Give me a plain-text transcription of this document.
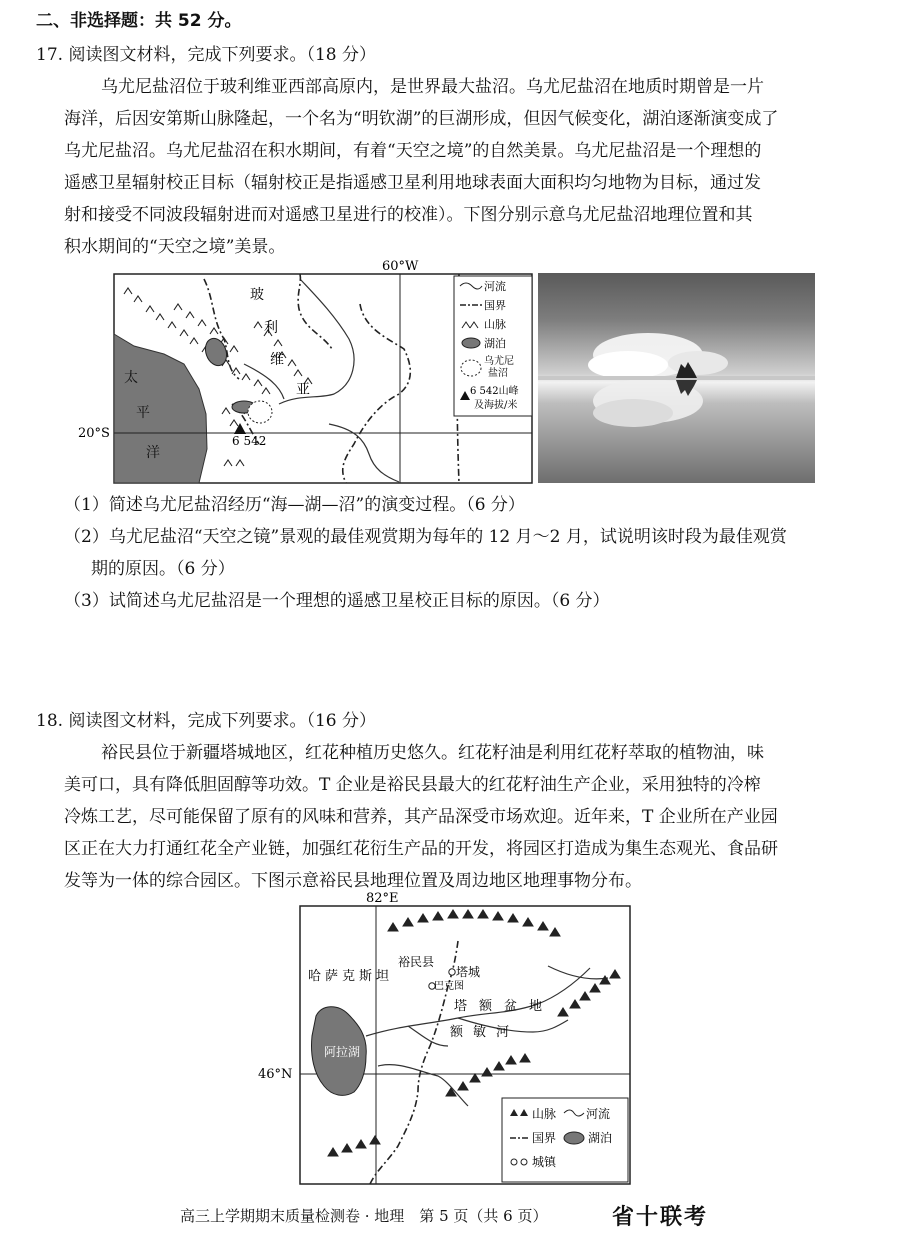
二、非选择题：共 52 分。
17. 阅读图文材料，完成下列要求。（18 分）
乌尤尼盐沼位于玻利维亚西部高原内，是世界最大盐沼。乌尤尼盐沼在地质时期曾是一片
海洋，后因安第斯山脉隆起，一个名为“明钦湖”的巨湖形成，但因气候变化，湖泊逐渐演变成了
乌尤尼盐沼。乌尤尼盐沼在积水期间，有着“天空之境”的自然美景。乌尤尼盐沼是一个理想的
遥感卫星辐射校正目标（辐射校正是指遥感卫星利用地球表面大面积均匀地物为目标，通过发
射和接受不同波段辐射进而对遥感卫星进行的校准）。下图分别示意乌尤尼盐沼地理位置和其
积水期间的“天空之境”美景。
60°W
6 542
玻
利
维
亚
太
平
洋
20°S
河流
国界
山脉
湖泊
乌尤尼
盐沼
6 542山峰
及海拔/米
（1）简述乌尤尼盐沼经历“海—湖—沼”的演变过程。（6 分）
（2）乌尤尼盐沼“天空之镜”景观的最佳观赏期为每年的 12 月～2 月，试说明该时段为最佳观赏
期的原因。（6 分）
（3）试简述乌尤尼盐沼是一个理想的遥感卫星校正目标的原因。（6 分）
18. 阅读图文材料，完成下列要求。（16 分）
裕民县位于新疆塔城地区，红花种植历史悠久。红花籽油是利用红花籽萃取的植物油，味
美可口，具有降低胆固醇等功效。T 企业是裕民县最大的红花籽油生产企业，采用独特的冷榨
冷炼工艺，尽可能保留了原有的风味和营养，其产品深受市场欢迎。近年来，T 企业所在产业园
区正在大力打通红花全产业链，加强红花衍生产品的开发，将园区打造成为集生态观光、食品研
发等为一体的综合园区。下图示意裕民县地理位置及周边地区地理事物分布。
82°E
46°N
阿拉湖
裕民县
塔城
巴克图
哈萨克斯坦
塔额盆地
额敏河
山脉 河流
国界	湖泊
城镇
高三上学期期末质量检测卷 · 地理　第 5 页（共 6 页）	省十联考
